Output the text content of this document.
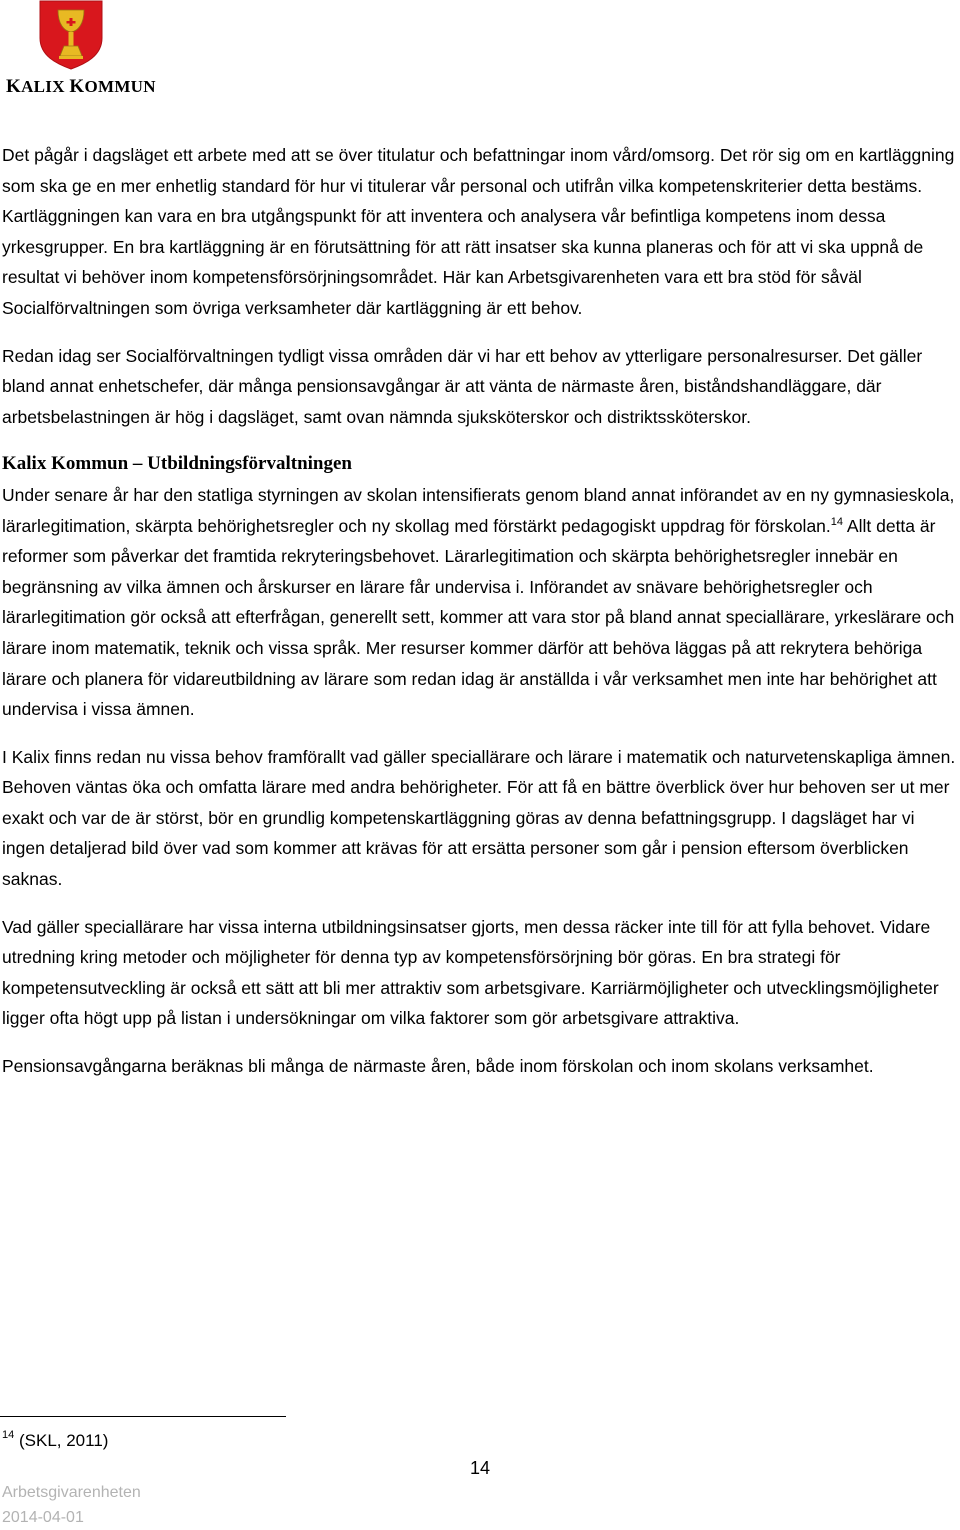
KALIX KOMMUN

Det pågår i dagsläget ett arbete med att se över titulatur och befattningar inom vård/omsorg. Det rör sig om en kartläggning som ska ge en mer enhetlig standard för hur vi titulerar vår personal och utifrån vilka kompetenskriterier detta bestäms. Kartläggningen kan vara en bra utgångspunkt för att inventera och analysera vår befintliga kompetens inom dessa yrkesgrupper. En bra kartläggning är en förutsättning för att rätt insatser ska kunna planeras och för att vi ska uppnå de resultat vi behöver inom kompetensförsörjningsområdet. Här kan Arbetsgivarenheten vara ett bra stöd för såväl Socialförvaltningen som övriga verksamheter där kartläggning är ett behov.

Redan idag ser Socialförvaltningen tydligt vissa områden där vi har ett behov av ytterligare personalresurser. Det gäller bland annat enhetschefer, där många pensionsavgångar är att vänta de närmaste åren, biståndshandläggare, där arbetsbelastningen är hög i dagsläget, samt ovan nämnda sjuksköterskor och distriktssköterskor.

Kalix Kommun – Utbildningsförvaltningen

Under senare år har den statliga styrningen av skolan intensifierats genom bland annat införandet av en ny gymnasieskola, lärarlegitimation, skärpta behörighetsregler och ny skollag med förstärkt pedagogiskt uppdrag för förskolan.$^{14}$ Allt detta är reformer som påverkar det framtida rekryteringsbehovet. Lärarlegitimation och skärpta behörighetsregler innebär en begränsning av vilka ämnen och årskurser en lärare får undervisa i. Införandet av snävare behörighetsregler och lärarlegitimation gör också att efterfrågan, generellt sett, kommer att vara stor på bland annat speciallärare, yrkeslärare och lärare inom matematik, teknik och vissa språk. Mer resurser kommer därför att behöva läggas på att rekrytera behöriga lärare och planera för vidareutbildning av lärare som redan idag är anställda i vår verksamhet men inte har behörighet att undervisa i vissa ämnen.

I Kalix finns redan nu vissa behov framförallt vad gäller speciallärare och lärare i matematik och naturvetenskapliga ämnen. Behoven väntas öka och omfatta lärare med andra behörigheter. För att få en bättre överblick över hur behoven ser ut mer exakt och var de är störst, bör en grundlig kompetenskartläggning göras av denna befattningsgrupp. I dagsläget har vi ingen detaljerad bild över vad som kommer att krävas för att ersätta personer som går i pension eftersom överblicken saknas.

Vad gäller speciallärare har vissa interna utbildningsinsatser gjorts, men dessa räcker inte till för att fylla behovet. Vidare utredning kring metoder och möjligheter för denna typ av kompetensförsörjning bör göras. En bra strategi för kompetensutveckling är också ett sätt att bli mer attraktiv som arbetsgivare. Karriärmöjligheter och utvecklingsmöjligheter ligger ofta högt upp på listan i undersökningar om vilka faktorer som gör arbetsgivare attraktiva.

Pensionsavgångarna beräknas bli många de närmaste åren, både inom förskolan och inom skolans verksamhet.

$^{14}$ (SKL, 2011)
14
Arbetsgivarenheten
2014-04-01
